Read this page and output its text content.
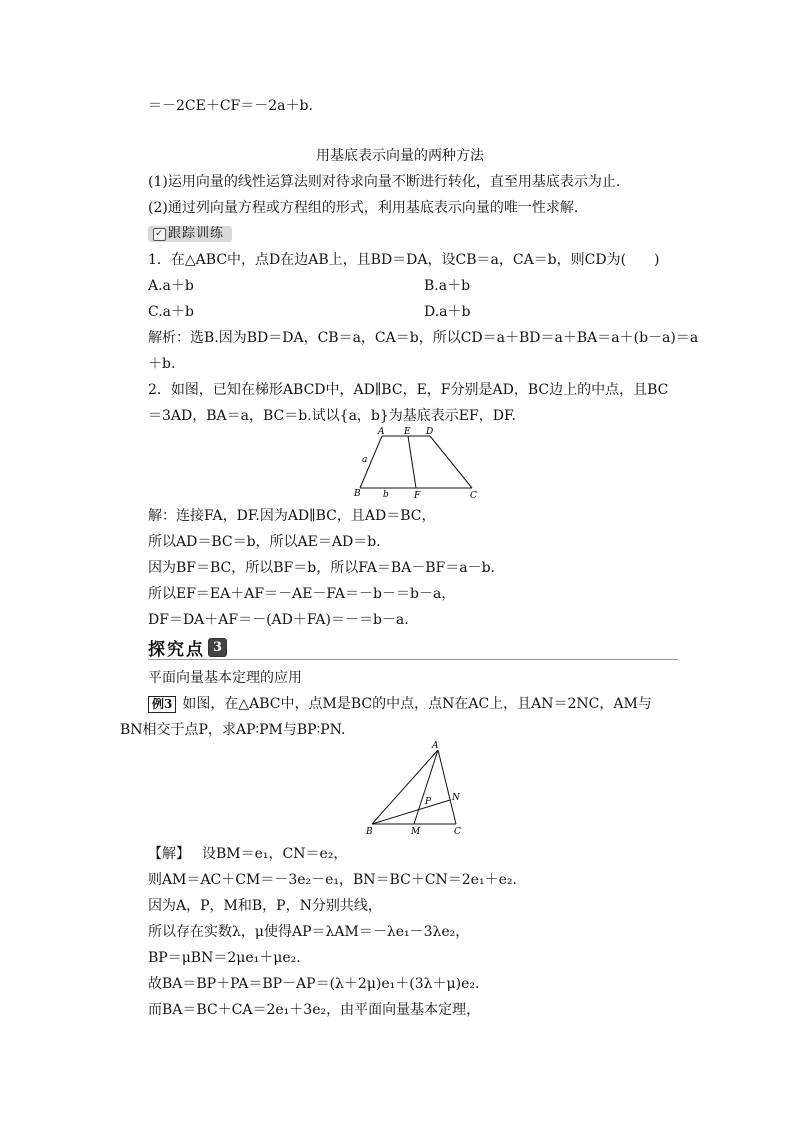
＝－2CE＋CF＝－2a＋b.
用基底表示向量的两种方法
(1)运用向量的线性运算法则对待求向量不断进行转化，直至用基底表示为止.
(2)通过列向量方程或方程组的形式，利用基底表示向量的唯一性求解.
✓ 跟踪训练
1．在△ABC中，点D在边AB上，且BD＝DA，设CB＝a，CA＝b，则CD为(　　)
A.a＋b	B.a＋b
C.a＋b	D.a＋b
解析：选B.因为BD＝DA，CB＝a，CA＝b，所以CD＝a＋BD＝a＋BA＝a＋(b－a)＝a
＋b.
2．如图，已知在梯形ABCD中，AD∥BC，E，F分别是AD，BC边上的中点，且BC
＝3AD，BA＝a，BC＝b.试以{a，b}为基底表示EF，DF.
A E D
B	F	C
a
b
解：连接FA，DF.因为AD∥BC，且AD＝BC，
所以AD＝BC＝b，所以AE＝AD＝b.
因为BF＝BC，所以BF＝b，所以FA＝BA－BF＝a－b.
所以EF＝EA＋AF＝－AE－FA＝－b－＝b－a，
DF＝DA＋AF＝－(AD＋FA)＝－＝b－a.
探究点 3
平面向量基本定理的应用
例3 如图，在△ABC中，点M是BC的中点，点N在AC上，且AN＝2NC，AM与
BN相交于点P，求AP∶PM与BP∶PN.
A
P N
B	M	C
【解】 设BM＝e₁，CN＝e₂，
则AM＝AC＋CM＝－3e₂－e₁，BN＝BC＋CN＝2e₁＋e₂.
因为A，P，M和B，P，N分别共线，
所以存在实数λ，μ使得AP＝λAM＝－λe₁－3λe₂，
BP＝μBN＝2μe₁＋μe₂.
故BA＝BP＋PA＝BP－AP＝(λ＋2μ)e₁＋(3λ＋μ)e₂.
而BA＝BC＋CA＝2e₁＋3e₂，由平面向量基本定理，
